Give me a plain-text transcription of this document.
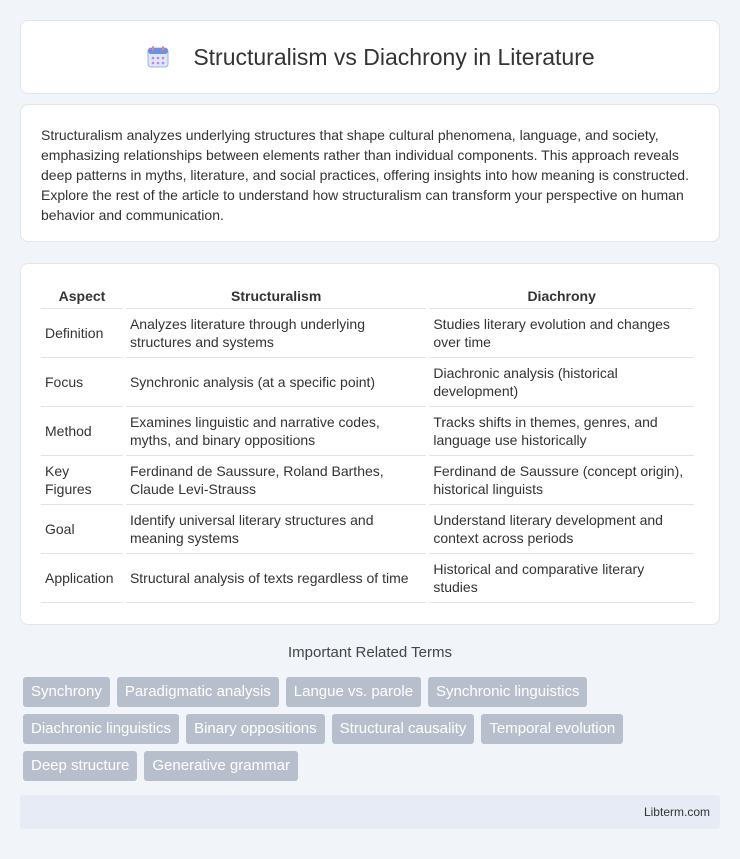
Structuralism vs Diachrony in Literature

Structuralism analyzes underlying structures that shape cultural phenomena, language, and society, emphasizing relationships between elements rather than individual components. This approach reveals deep patterns in myths, literature, and social practices, offering insights into how meaning is constructed. Explore the rest of the article to understand how structuralism can transform your perspective on human behavior and communication.

Aspect	Structuralism	Diachrony
Definition	Analyzes literature through underlying structures and systems	Studies literary evolution and changes over time
Focus	Synchronic analysis (at a specific point)	Diachronic analysis (historical development)
Method	Examines linguistic and narrative codes, myths, and binary oppositions	Tracks shifts in themes, genres, and language use historically
Key Figures	Ferdinand de Saussure, Roland Barthes, Claude Levi-Strauss	Ferdinand de Saussure (concept origin), historical linguists
Goal	Identify universal literary structures and meaning systems	Understand literary development and context across periods
Application	Structural analysis of texts regardless of time	Historical and comparative literary studies
Important Related Terms
Synchrony	Paradigmatic analysis	Langue vs. parole	Synchronic linguistics
Diachronic linguistics	Binary oppositions	Structural causality	Temporal evolution
Deep structure	Generative grammar
Libterm.com
